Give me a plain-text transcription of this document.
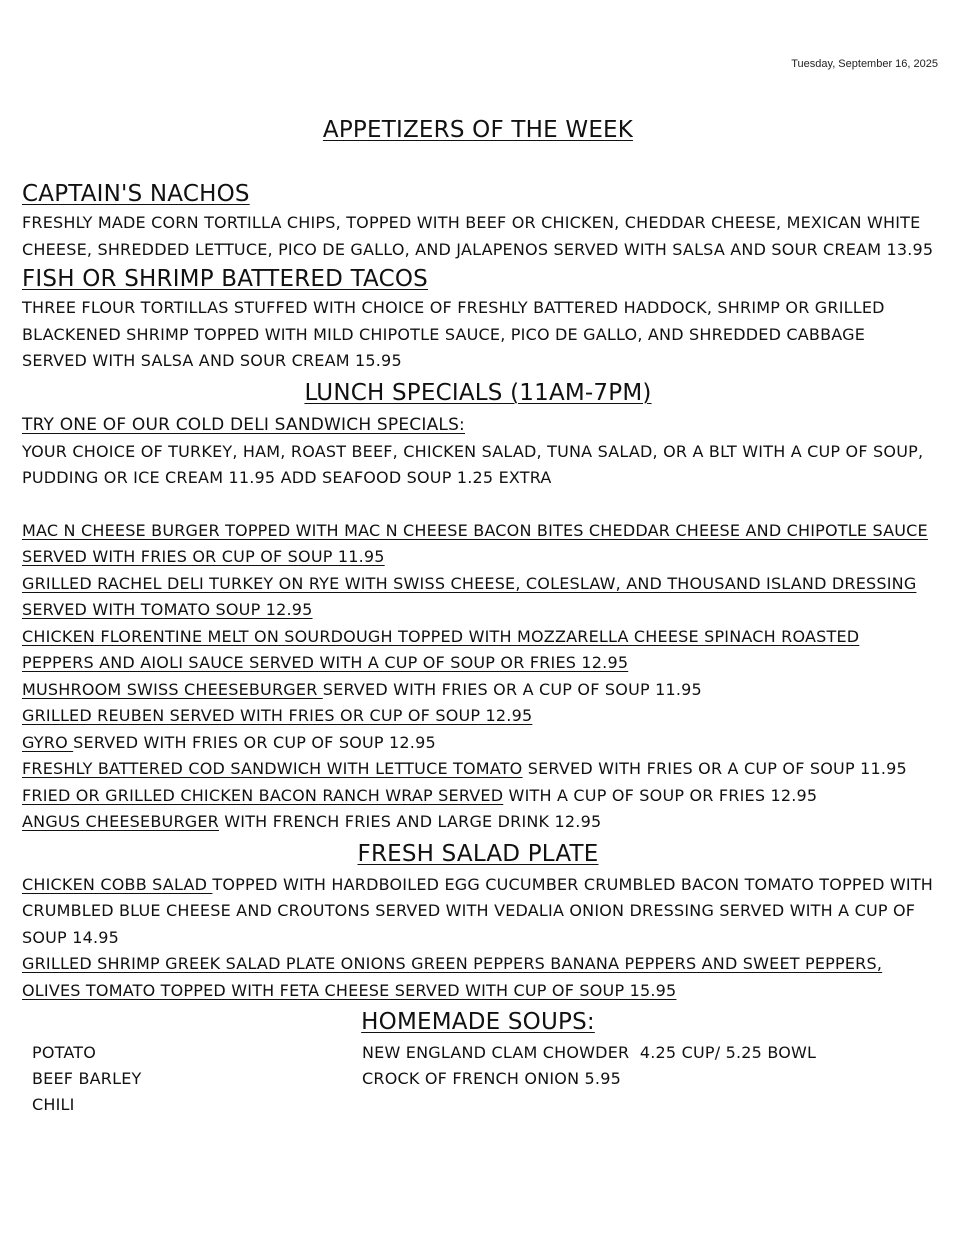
Tuesday, September 16, 2025

APPETIZERS OF THE WEEK

CAPTAIN'S NACHOS

FRESHLY MADE CORN TORTILLA CHIPS, TOPPED WITH BEEF OR CHICKEN, CHEDDAR CHEESE, MEXICAN WHITE CHEESE, SHREDDED LETTUCE, PICO DE GALLO, AND JALAPENOS SERVED WITH SALSA AND SOUR CREAM 13.95

FISH OR SHRIMP BATTERED TACOS

THREE FLOUR TORTILLAS STUFFED WITH CHOICE OF FRESHLY BATTERED HADDOCK, SHRIMP OR GRILLED BLACKENED SHRIMP TOPPED WITH MILD CHIPOTLE SAUCE, PICO DE GALLO, AND SHREDDED CABBAGE SERVED WITH SALSA AND SOUR CREAM 15.95

LUNCH SPECIALS (11AM-7PM)

TRY ONE OF OUR COLD DELI SANDWICH SPECIALS:

YOUR CHOICE OF TURKEY, HAM, ROAST BEEF, CHICKEN SALAD, TUNA SALAD, OR A BLT WITH A CUP OF SOUP, PUDDING OR ICE CREAM 11.95 ADD SEAFOOD SOUP 1.25 EXTRA

MAC N CHEESE BURGER TOPPED WITH MAC N CHEESE BACON BITES CHEDDAR CHEESE AND CHIPOTLE SAUCE SERVED WITH FRIES OR CUP OF SOUP 11.95

GRILLED RACHEL DELI TURKEY ON RYE WITH SWISS CHEESE, COLESLAW, AND THOUSAND ISLAND DRESSING SERVED WITH TOMATO SOUP 12.95

CHICKEN FLORENTINE MELT ON SOURDOUGH TOPPED WITH MOZZARELLA CHEESE SPINACH ROASTED PEPPERS AND AIOLI SAUCE SERVED WITH A CUP OF SOUP OR FRIES 12.95

MUSHROOM SWISS CHEESEBURGER SERVED WITH FRIES OR A CUP OF SOUP 11.95

GRILLED REUBEN SERVED WITH FRIES OR CUP OF SOUP 12.95

GYRO SERVED WITH FRIES OR CUP OF SOUP 12.95

FRESHLY BATTERED COD SANDWICH WITH LETTUCE TOMATO SERVED WITH FRIES OR A CUP OF SOUP 11.95

FRIED OR GRILLED CHICKEN BACON RANCH WRAP SERVED WITH A CUP OF SOUP OR FRIES 12.95

ANGUS CHEESEBURGER WITH FRENCH FRIES AND LARGE DRINK 12.95

FRESH SALAD PLATE

CHICKEN COBB SALAD TOPPED WITH HARDBOILED EGG CUCUMBER CRUMBLED BACON TOMATO TOPPED WITH CRUMBLED BLUE CHEESE AND CROUTONS SERVED WITH VEDALIA ONION DRESSING SERVED WITH A CUP OF SOUP 14.95

GRILLED SHRIMP GREEK SALAD PLATE ONIONS GREEN PEPPERS BANANA PEPPERS AND SWEET PEPPERS, OLIVES TOMATO TOPPED WITH FETA CHEESE SERVED WITH CUP OF SOUP 15.95

HOMEMADE SOUPS:

POTATO
BEEF BARLEY
CHILI
NEW ENGLAND CLAM CHOWDER  4.25 CUP/ 5.25 BOWL
CROCK OF FRENCH ONION 5.95
